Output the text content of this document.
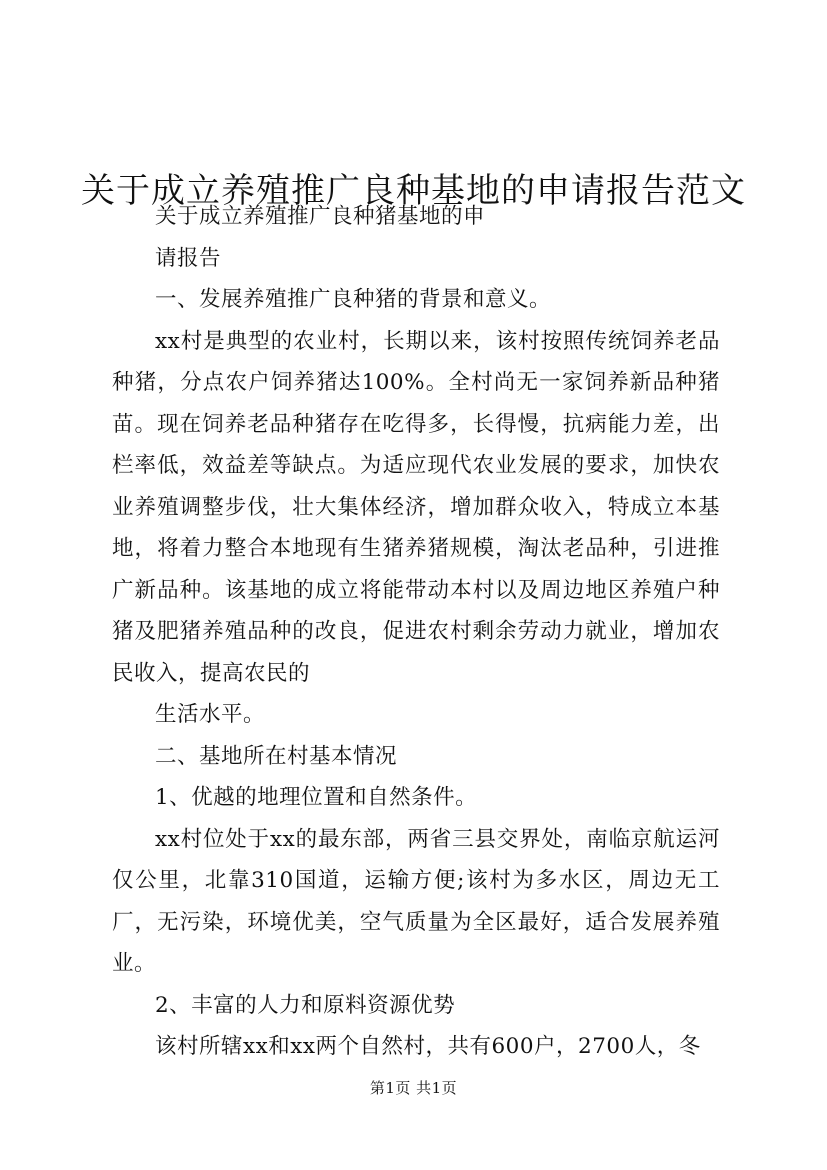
关于成立养殖推广良种基地的申请报告范文

关于成立养殖推广良种猪基地的申

请报告

一、发展养殖推广良种猪的背景和意义。

xx村是典型的农业村，长期以来，该村按照传统饲养老品种猪，分点农户饲养猪达100%。全村尚无一家饲养新品种猪苗。现在饲养老品种猪存在吃得多，长得慢，抗病能力差，出栏率低，效益差等缺点。为适应现代农业发展的要求，加快农业养殖调整步伐，壮大集体经济，增加群众收入，特成立本基地，将着力整合本地现有生猪养猪规模，淘汰老品种，引进推广新品种。该基地的成立将能带动本村以及周边地区养殖户种猪及肥猪养殖品种的改良，促进农村剩余劳动力就业，增加农民收入，提高农民的

生活水平。

二、基地所在村基本情况

1、优越的地理位置和自然条件。

xx村位处于xx的最东部，两省三县交界处，南临京航运河仅公里，北靠310国道，运输方便;该村为多水区，周边无工厂，无污染，环境优美，空气质量为全区最好，适合发展养殖业。

2、丰富的人力和原料资源优势

该村所辖xx和xx两个自然村，共有600户，2700人，冬

第1页 共1页
